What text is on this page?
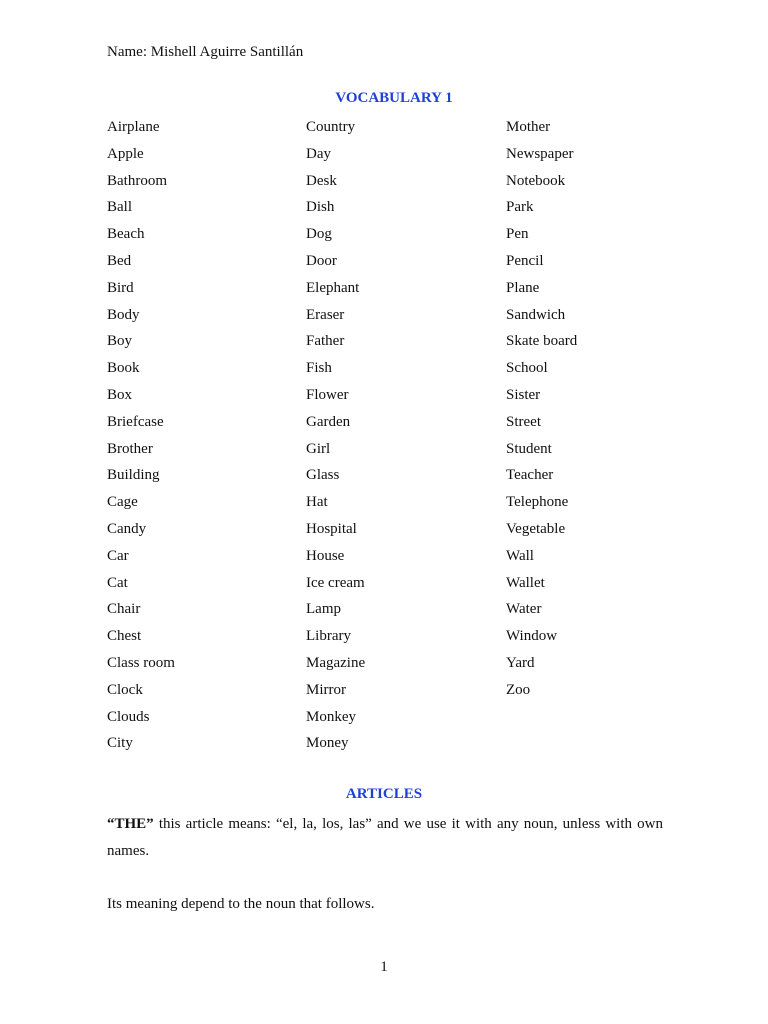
Name: Mishell Aguirre Santillán
VOCABULARY 1
Airplane
Apple
Bathroom
Ball
Beach
Bed
Bird
Body
Boy
Book
Box
Briefcase
Brother
Building
Cage
Candy
Car
Cat
Chair
Chest
Class room
Clock
Clouds
City
Country
Day
Desk
Dish
Dog
Door
Elephant
Eraser
Father
Fish
Flower
Garden
Girl
Glass
Hat
Hospital
House
Ice cream
Lamp
Library
Magazine
Mirror
Monkey
Money
Mother
Newspaper
Notebook
Park
Pen
Pencil
Plane
Sandwich
Skate board
School
Sister
Street
Student
Teacher
Telephone
Vegetable
Wall
Wallet
Water
Window
Yard
Zoo
ARTICLES
“THE” this article means: “el, la, los, las” and we use it with any noun, unless with own names.
Its meaning depend to the noun that follows.
1
